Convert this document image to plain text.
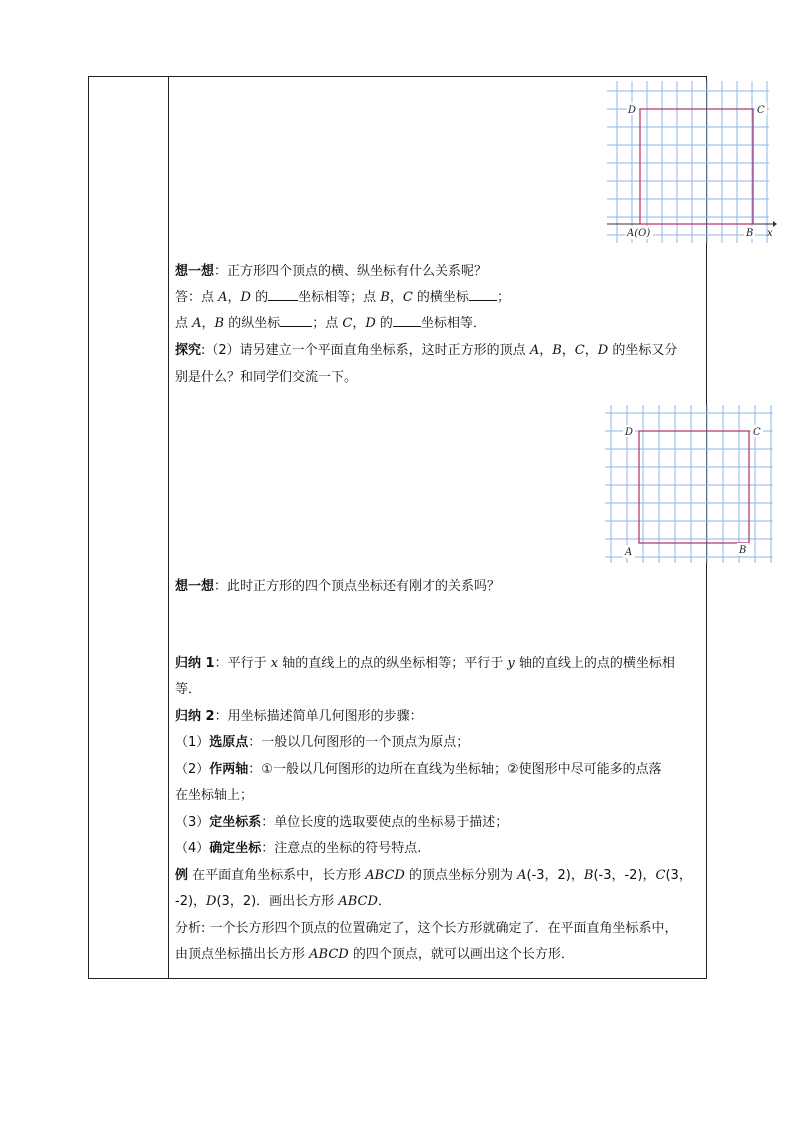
D	C
A(O)	B x
想一想：正方形四个顶点的横、纵坐标有什么关系呢？
答：点 A，D 的 坐标相等；点 B，C 的横坐标 ；
点 A，B 的纵坐标 ；点 C，D 的 坐标相等．
探究:（2）请另建立一个平面直角坐标系，这时正方形的顶点 A，B，C，D 的坐标又分
别是什么？和同学们交流一下。
D	C
A	B
想一想：此时正方形的四个顶点坐标还有刚才的关系吗？
归纳 1：平行于 x 轴的直线上的点的纵坐标相等；平行于 y 轴的直线上的点的横坐标相
等．
归纳 2：用坐标描述简单几何图形的步骤：
（1）选原点：一般以几何图形的一个顶点为原点；
（2）作两轴：①一般以几何图形的边所在直线为坐标轴；②使图形中尽可能多的点落
在坐标轴上；
（3）定坐标系：单位长度的选取要使点的坐标易于描述；
（4）确定坐标：注意点的坐标的符号特点.
例 在平面直角坐标系中，长方形 ABCD 的顶点坐标分别为 A(-3，2)，B(-3，-2)，C(3，
-2)，D(3，2)．画出长方形 ABCD．
分析: 一个长方形四个顶点的位置确定了，这个长方形就确定了．在平面直角坐标系中，
由顶点坐标描出长方形 ABCD 的四个顶点，就可以画出这个长方形．
